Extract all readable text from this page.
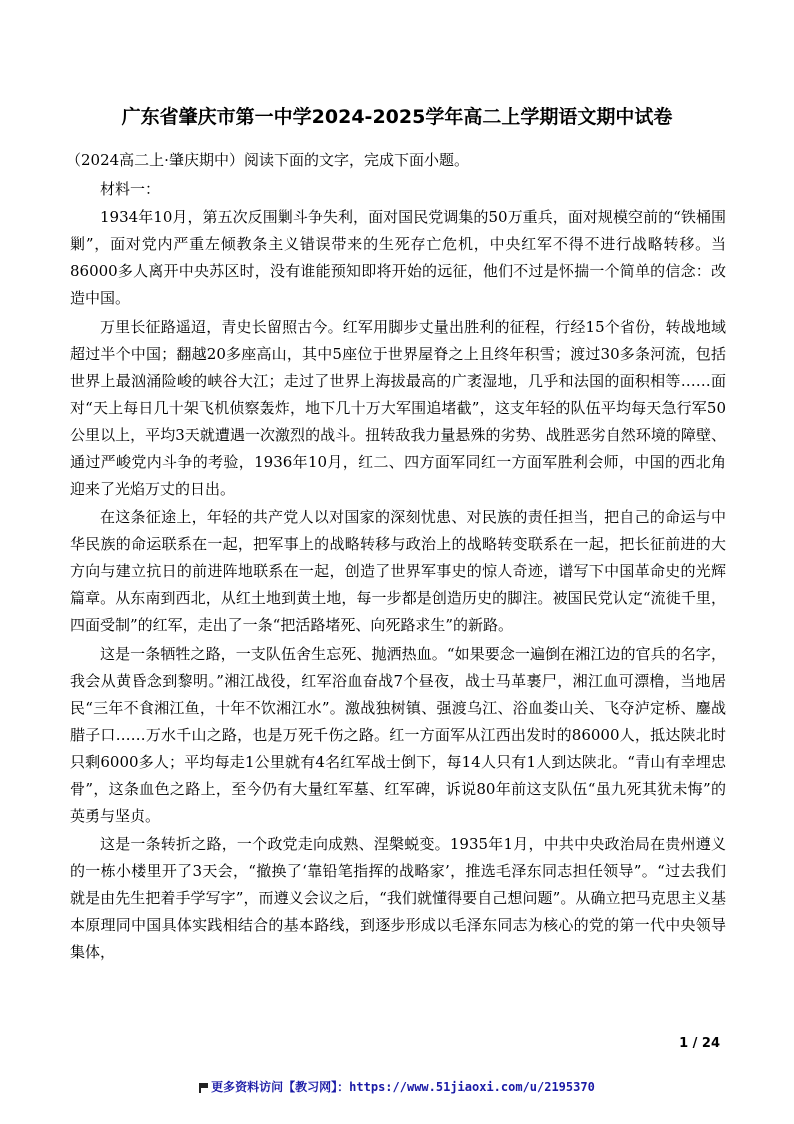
广东省肇庆市第一中学2024-2025学年高二上学期语文期中试卷

（2024高二上·肇庆期中）阅读下面的文字，完成下面小题。

材料一：

1934年10月，第五次反围剿斗争失利，面对国民党调集的50万重兵，面对规模空前的“铁桶围剿”，面对党内严重左倾教条主义错误带来的生死存亡危机，中央红军不得不进行战略转移。当86000多人离开中央苏区时，没有谁能预知即将开始的远征，他们不过是怀揣一个简单的信念：改造中国。

万里长征路遥迢，青史长留照古今。红军用脚步丈量出胜利的征程，行经15个省份，转战地域超过半个中国；翻越20多座高山，其中5座位于世界屋脊之上且终年积雪；渡过30多条河流，包括世界上最汹涌险峻的峡谷大江；走过了世界上海拔最高的广袤湿地，几乎和法国的面积相等……面对“天上每日几十架飞机侦察轰炸，地下几十万大军围追堵截”，这支年轻的队伍平均每天急行军50公里以上，平均3天就遭遇一次激烈的战斗。扭转敌我力量悬殊的劣势、战胜恶劣自然环境的障壁、通过严峻党内斗争的考验，1936年10月，红二、四方面军同红一方面军胜利会师，中国的西北角迎来了光焰万丈的日出。

在这条征途上，年轻的共产党人以对国家的深刻忧患、对民族的责任担当，把自己的命运与中华民族的命运联系在一起，把军事上的战略转移与政治上的战略转变联系在一起，把长征前进的大方向与建立抗日的前进阵地联系在一起，创造了世界军事史的惊人奇迹，谱写下中国革命史的光辉篇章。从东南到西北，从红土地到黄土地，每一步都是创造历史的脚注。被国民党认定“流徙千里，四面受制”的红军，走出了一条“把活路堵死、向死路求生”的新路。

这是一条牺牲之路，一支队伍舍生忘死、抛洒热血。“如果要念一遍倒在湘江边的官兵的名字，我会从黄昏念到黎明。”湘江战役，红军浴血奋战7个昼夜，战士马革裹尸，湘江血可漂橹，当地居民“三年不食湘江鱼，十年不饮湘江水”。激战独树镇、强渡乌江、浴血娄山关、飞夺泸定桥、鏖战腊子口……万水千山之路，也是万死千伤之路。红一方面军从江西出发时的86000人，抵达陕北时只剩6000多人；平均每走1公里就有4名红军战士倒下，每14人只有1人到达陕北。“青山有幸埋忠骨”，这条血色之路上，至今仍有大量红军墓、红军碑，诉说80年前这支队伍“虽九死其犹未悔”的英勇与坚贞。

这是一条转折之路，一个政党走向成熟、涅槃蜕变。1935年1月，中共中央政治局在贵州遵义的一栋小楼里开了3天会，“撤换了‘靠铅笔指挥的战略家’，推选毛泽东同志担任领导”。“过去我们就是由先生把着手学写字”，而遵义会议之后，“我们就懂得要自己想问题”。从确立把马克思主义基本原理同中国具体实践相结合的基本路线，到逐步形成以毛泽东同志为核心的党的第一代中央领导集体，

1 / 24
更多资料访问【教习网】：https://www.51jiaoxi.com/u/2195370
